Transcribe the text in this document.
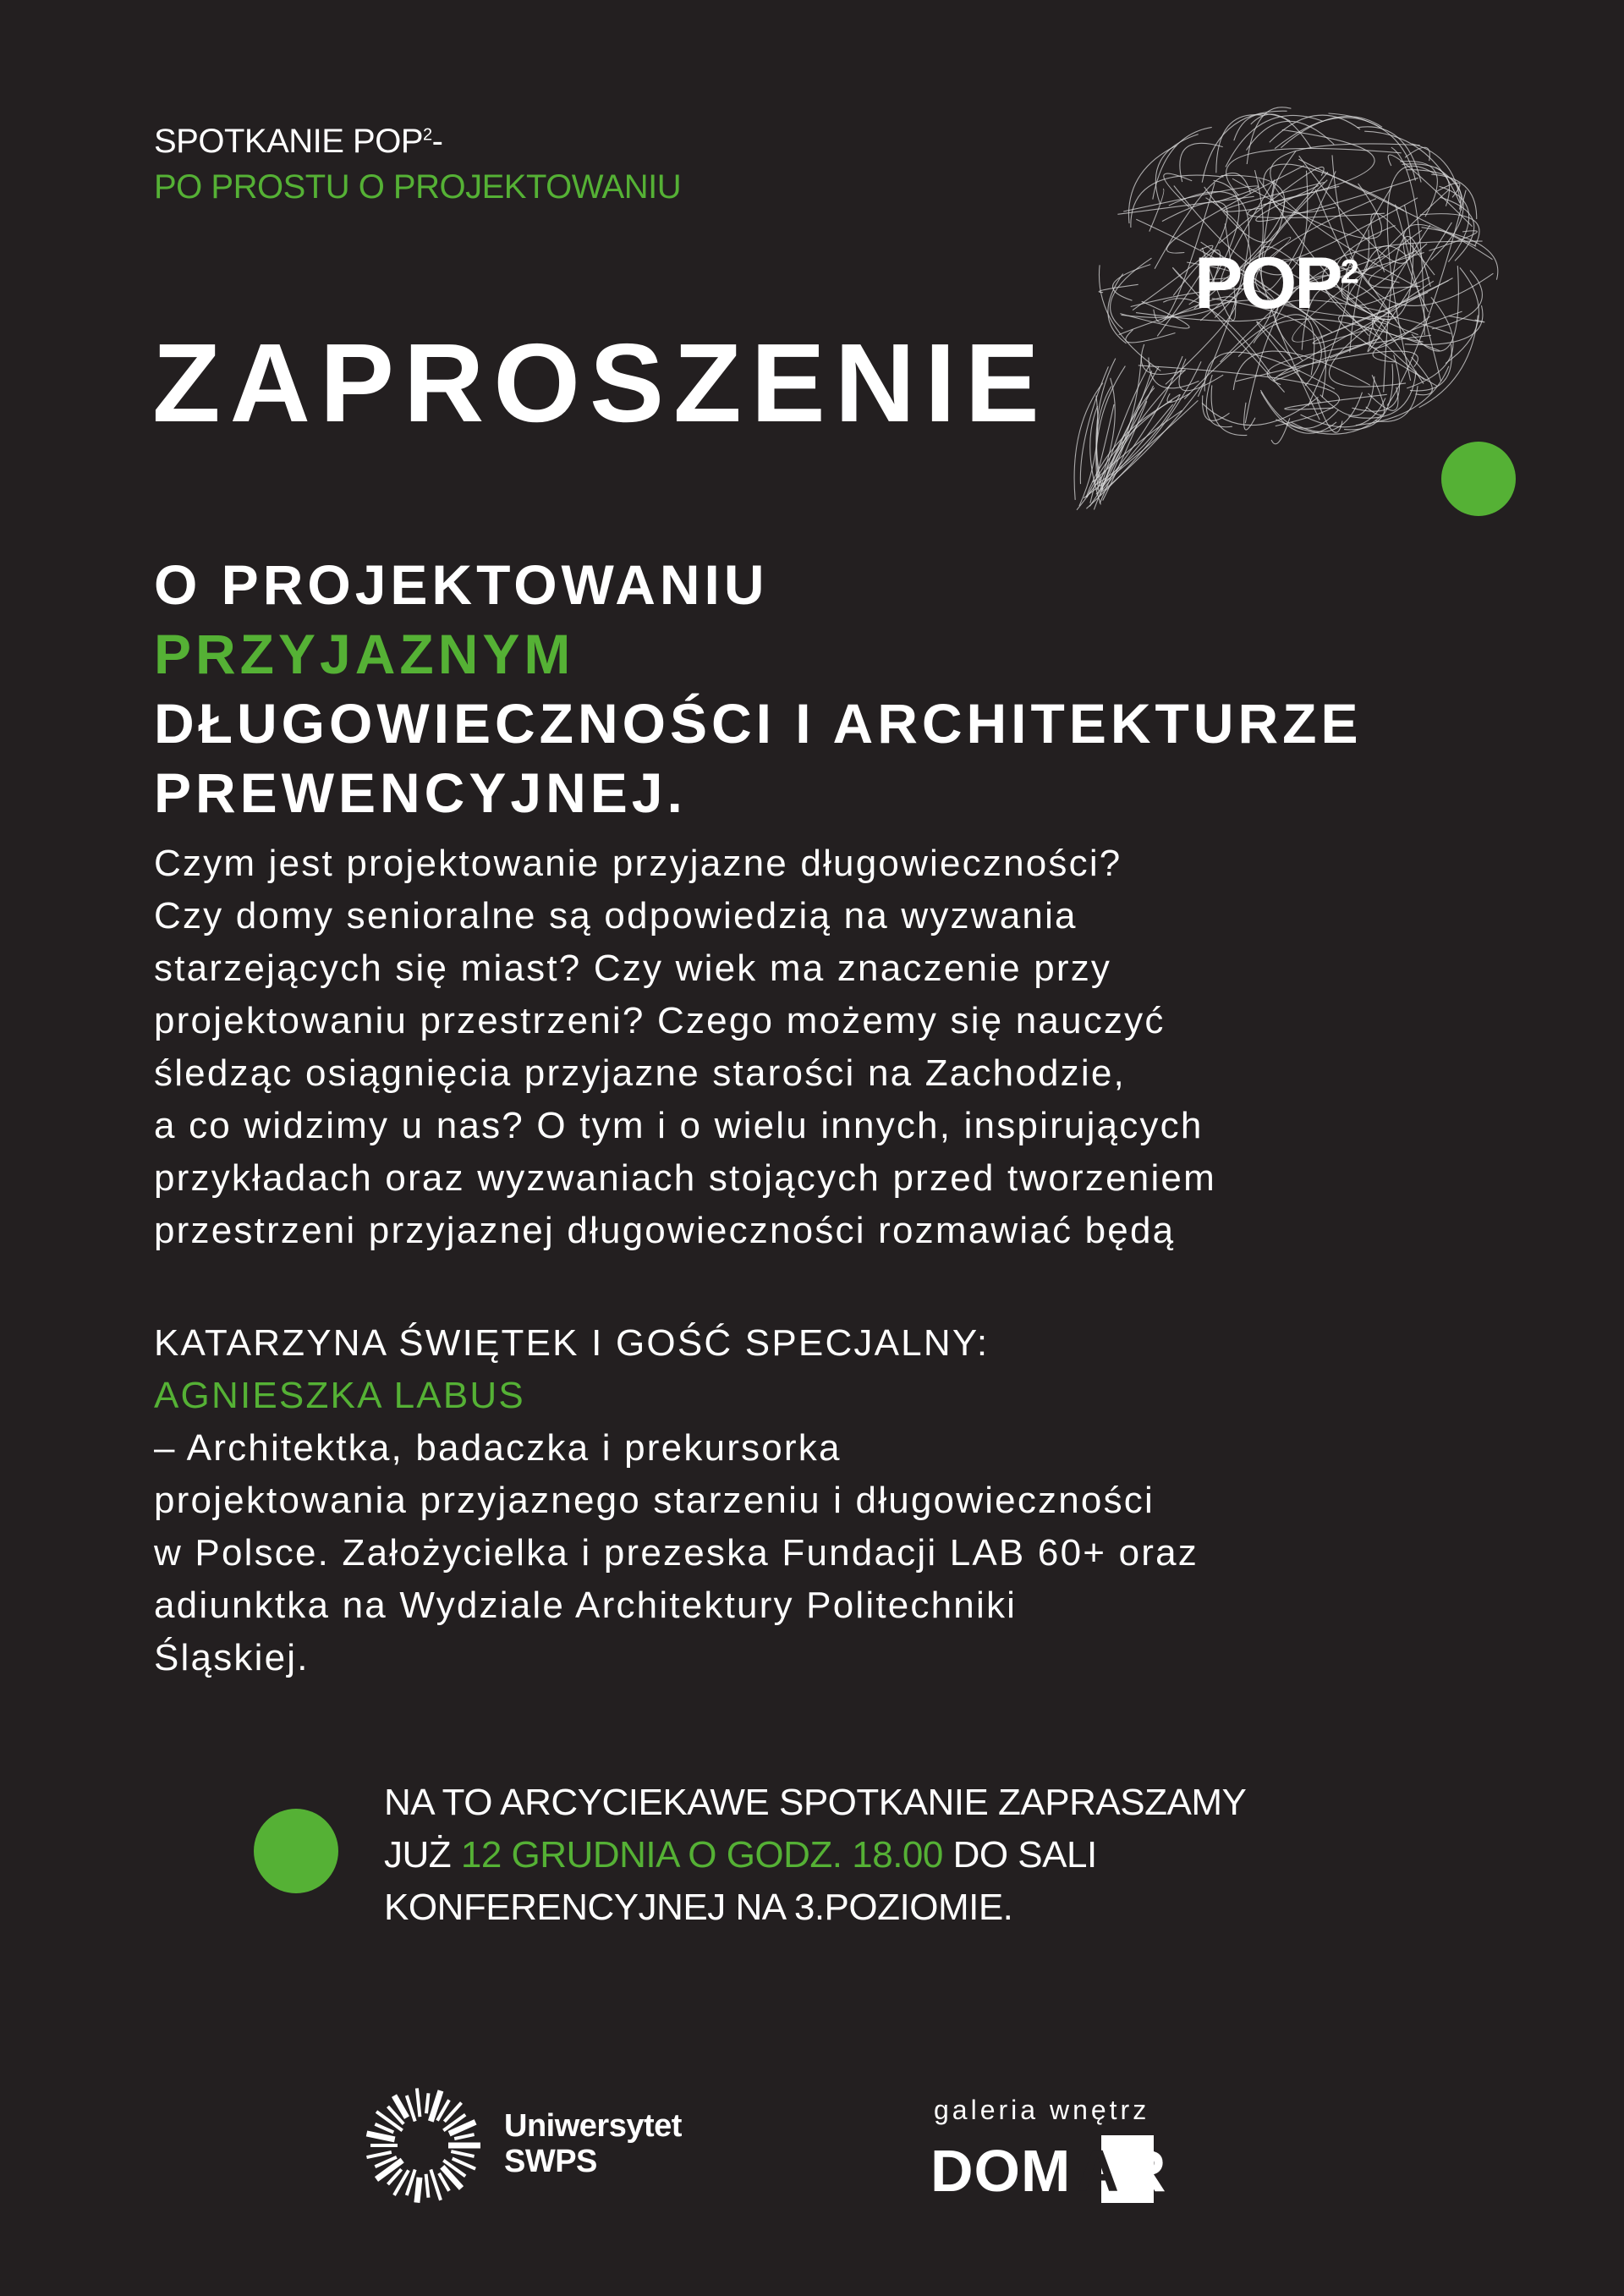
SPOTKANIE POP$^2$-
PO PROSTU O PROJEKTOWANIU
ZAPROSZENIE
POP$^2$
O PROJEKTOWANIU
PRZYJAZNYM
DŁUGOWIECZNOŚCI I ARCHITEKTURZE
PREWENCYJNEJ.
Czym jest projektowanie przyjazne długowieczności?
Czy domy senioralne są odpowiedzią na wyzwania
starzejących się miast? Czy wiek ma znaczenie przy
projektowaniu przestrzeni? Czego możemy się nauczyć
śledząc osiągnięcia przyjazne starości na Zachodzie,
a co widzimy u nas? O tym i o wielu innych, inspirujących
przykładach oraz wyzwaniach stojących przed tworzeniem
przestrzeni przyjaznej długowieczności rozmawiać będą
KATARZYNA ŚWIĘTEK I GOŚĆ SPECJALNY:
AGNIESZKA LABUS
– Architektka, badaczka i prekursorka
projektowania przyjaznego starzeniu i długowieczności
w Polsce. Założycielka i prezeska Fundacji LAB 60+ oraz
adiunktka na Wydziale Architektury Politechniki
Śląskiej.
NA TO ARCYCIEKAWE SPOTKANIE ZAPRASZAMY
JUŻ 12 GRUDNIA O GODZ. 18.00 DO SALI
KONFERENCYJNEJ NA 3.POZIOMIE.
Uniwersytet
SWPS
galeria wnętrz
DOMAR
